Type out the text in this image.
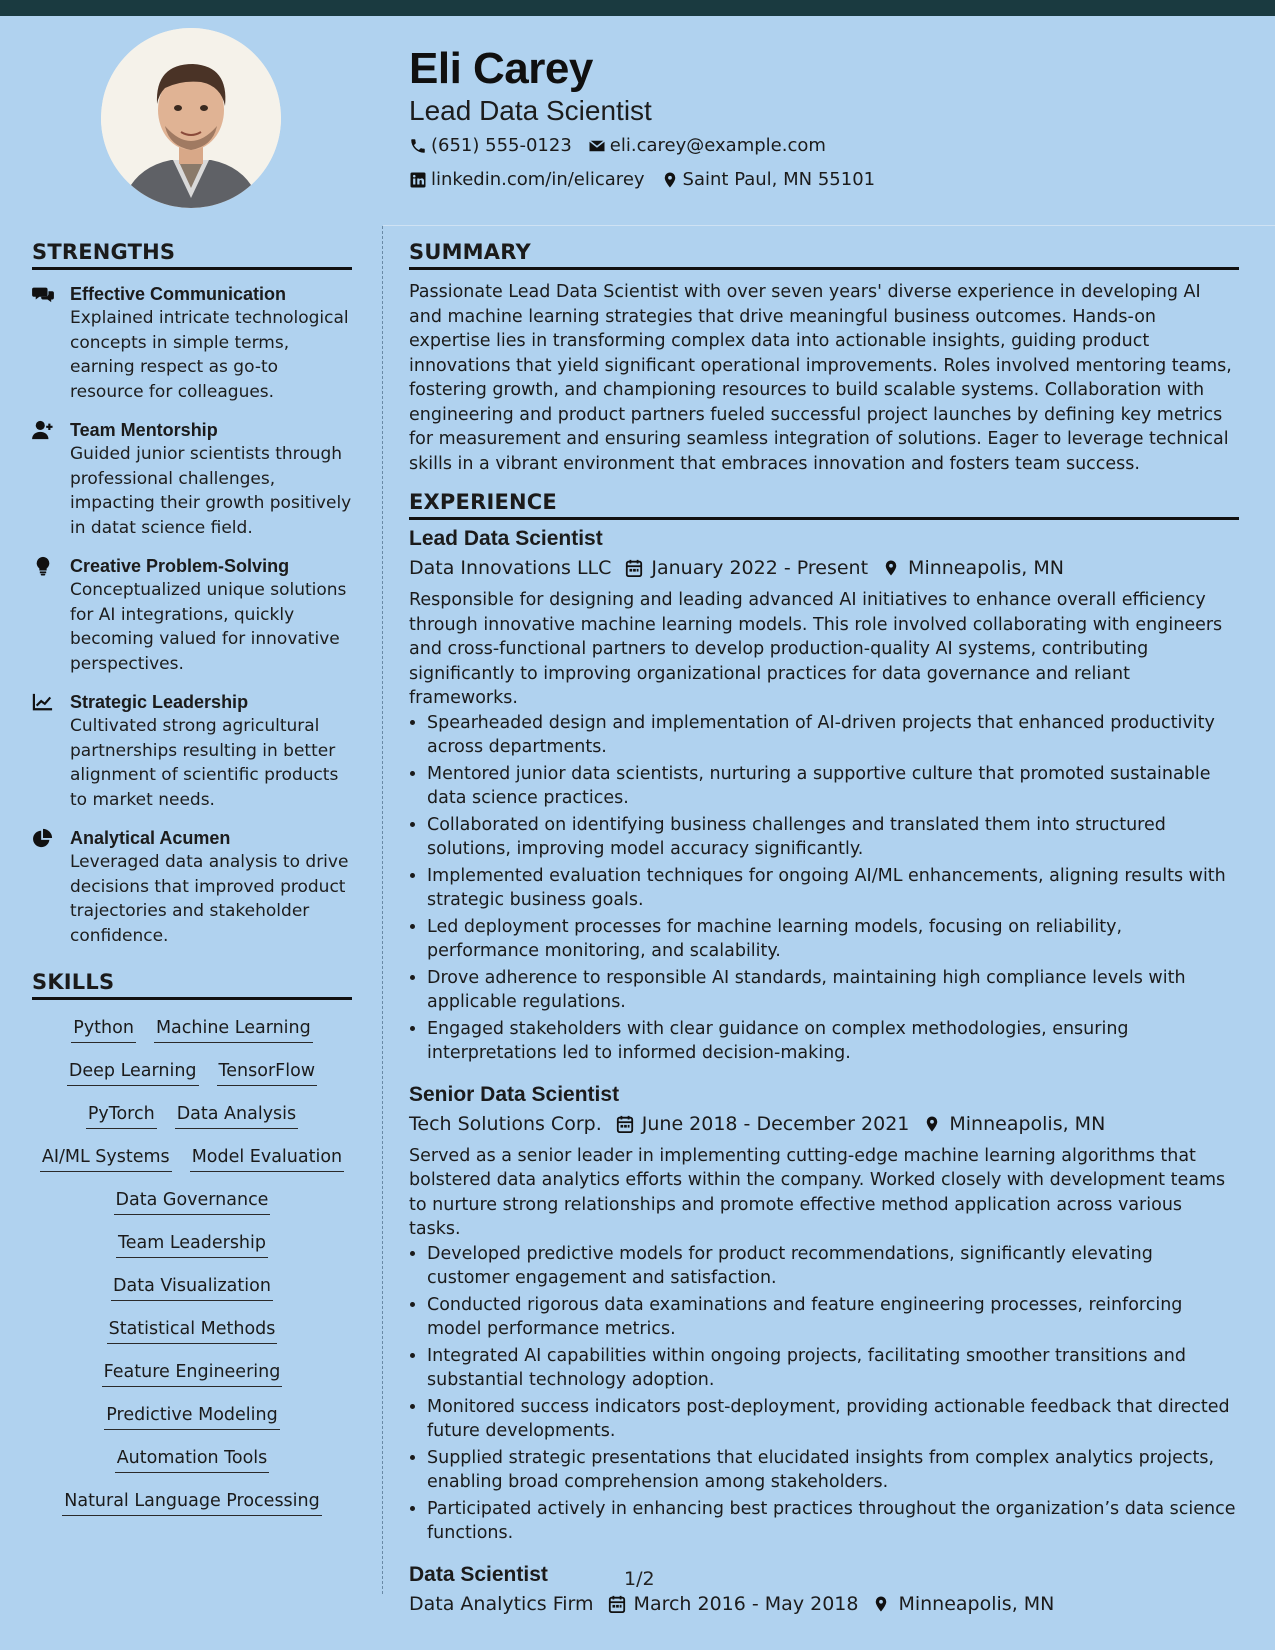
Eli Carey
Lead Data Scientist
(651) 555-0123 eli.carey@example.com
linkedin.com/in/elicarey Saint Paul, MN 55101
STRENGTHS
Effective Communication
Explained intricate technological concepts in simple terms, earning respect as go-to resource for colleagues.
Team Mentorship
Guided junior scientists through professional challenges, impacting their growth positively in datat science field.
Creative Problem-Solving
Conceptualized unique solutions for AI integrations, quickly becoming valued for innovative perspectives.
Strategic Leadership
Cultivated strong agricultural partnerships resulting in better alignment of scientific products to market needs.
Analytical Acumen
Leveraged data analysis to drive decisions that improved product trajectories and stakeholder confidence.
SKILLS
Python Machine Learning
Deep Learning TensorFlow
PyTorch Data Analysis
AI/ML Systems Model Evaluation
Data Governance
Team Leadership
Data Visualization
Statistical Methods
Feature Engineering
Predictive Modeling
Automation Tools
Natural Language Processing
SUMMARY
Passionate Lead Data Scientist with over seven years' diverse experience in developing AI and machine learning strategies that drive meaningful business outcomes. Hands-on expertise lies in transforming complex data into actionable insights, guiding product innovations that yield significant operational improvements. Roles involved mentoring teams, fostering growth, and championing resources to build scalable systems. Collaboration with engineering and product partners fueled successful project launches by defining key metrics for measurement and ensuring seamless integration of solutions. Eager to leverage technical skills in a vibrant environment that embraces innovation and fosters team success.
EXPERIENCE
Lead Data Scientist
Data Innovations LLC January 2022 - Present Minneapolis, MN
Responsible for designing and leading advanced AI initiatives to enhance overall efficiency through innovative machine learning models. This role involved collaborating with engineers and cross-functional partners to develop production-quality AI systems, contributing significantly to improving organizational practices for data governance and reliant frameworks.
• Spearheaded design and implementation of AI-driven projects that enhanced productivity across departments.
• Mentored junior data scientists, nurturing a supportive culture that promoted sustainable data science practices.
• Collaborated on identifying business challenges and translated them into structured solutions, improving model accuracy significantly.
• Implemented evaluation techniques for ongoing AI/ML enhancements, aligning results with strategic business goals.
• Led deployment processes for machine learning models, focusing on reliability, performance monitoring, and scalability.
• Drove adherence to responsible AI standards, maintaining high compliance levels with applicable regulations.
• Engaged stakeholders with clear guidance on complex methodologies, ensuring interpretations led to informed decision-making.
Senior Data Scientist
Tech Solutions Corp. June 2018 - December 2021 Minneapolis, MN
Served as a senior leader in implementing cutting-edge machine learning algorithms that bolstered data analytics efforts within the company. Worked closely with development teams to nurture strong relationships and promote effective method application across various tasks.
• Developed predictive models for product recommendations, significantly elevating customer engagement and satisfaction.
• Conducted rigorous data examinations and feature engineering processes, reinforcing model performance metrics.
• Integrated AI capabilities within ongoing projects, facilitating smoother transitions and substantial technology adoption.
• Monitored success indicators post-deployment, providing actionable feedback that directed future developments.
• Supplied strategic presentations that elucidated insights from complex analytics projects, enabling broad comprehension among stakeholders.
• Participated actively in enhancing best practices throughout the organization’s data science functions.
Data Scientist
Data Analytics Firm March 2016 - May 2018 Minneapolis, MN
1/2
